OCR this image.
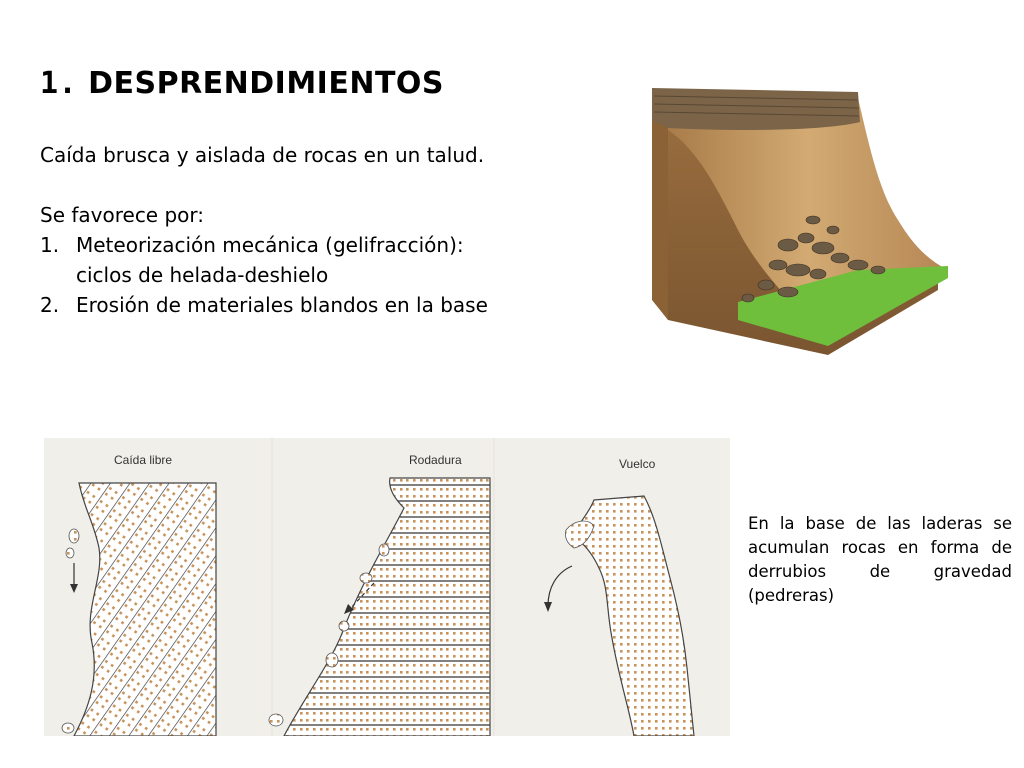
1. DESPRENDIMIENTOS
Caída brusca y aislada de rocas en un talud.
Se favorece por:
1. Meteorización mecánica (gelifracción):
ciclos de helada-deshielo
2. Erosión de materiales blandos en la base
Caída libre	Rodadura	Vuelco
En la base de las laderas se acumulan rocas en forma de derrubios de gravedad (pedreras)
